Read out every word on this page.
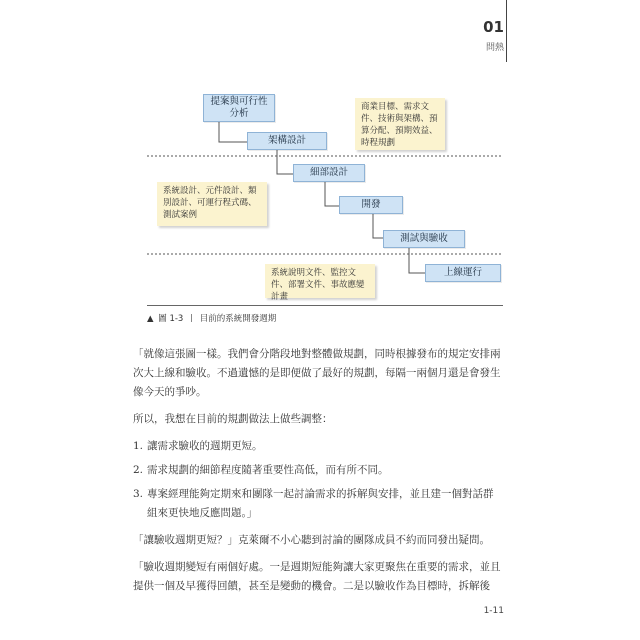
01
問熱
提案與可行性
分析
架構設計
細部設計
開發
測試與驗收
上線運行
商業目標、需求文件、技術與架構、預算分配、預期效益、時程規劃
系統設計、元件設計、類別設計、可運行程式碼、測試案例
系統說明文件、監控文件、部署文件、事故應變計畫
▲ 圖 1-3 目前的系統開發週期

「就像這張圖一樣。我們會分階段地對整體做規劃，同時根據發布的規定安排兩次大上線和驗收。不過遺憾的是即便做了最好的規劃，每隔一兩個月還是會發生像今天的爭吵。

所以，我想在目前的規劃做法上做些調整：

1. 讓需求驗收的週期更短。
2. 需求規劃的細節程度隨著重要性高低，而有所不同。
3. 專案經理能夠定期來和團隊一起討論需求的拆解與安排，並且建一個對話群組來更快地反應問題。」

「讓驗收週期更短？」克萊爾不小心聽到討論的團隊成員不約而同發出疑問。

「驗收週期變短有兩個好處。一是週期短能夠讓大家更聚焦在重要的需求，並且提供一個及早獲得回饋，甚至是變動的機會。二是以驗收作為目標時，拆解後

1-11
